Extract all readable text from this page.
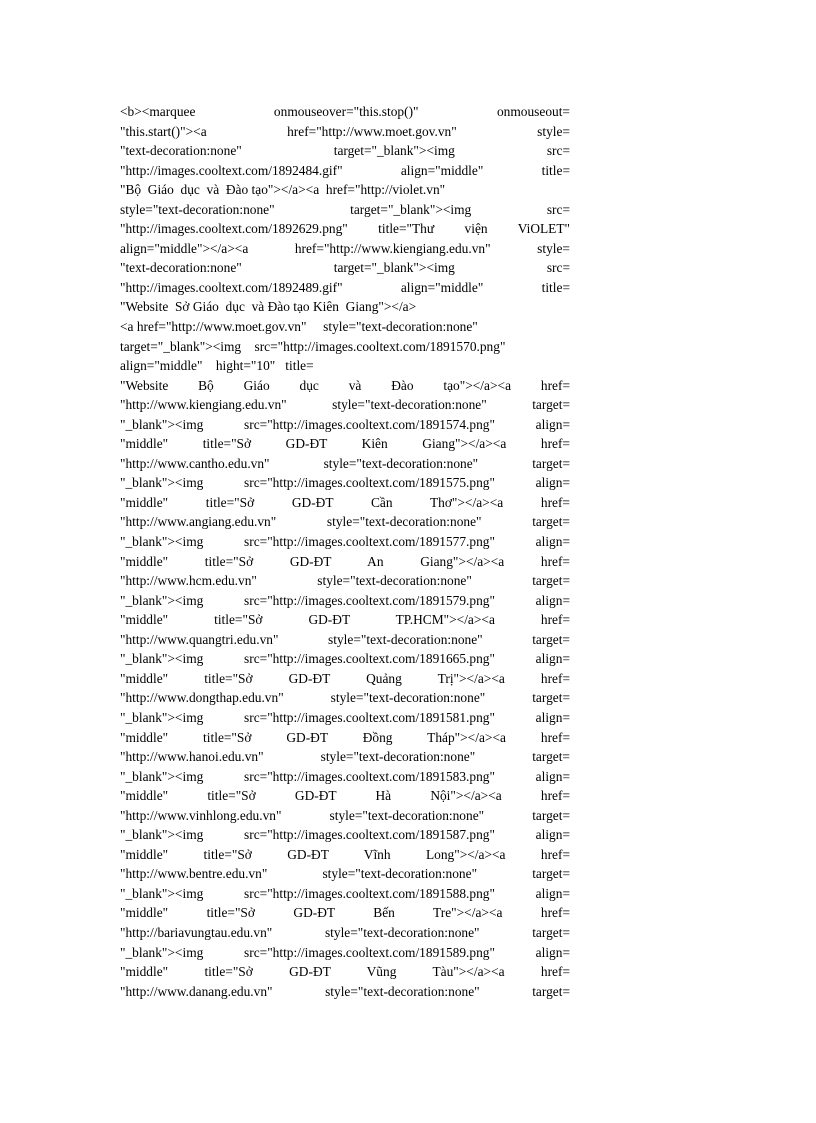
<b><marquee onmouseover="this.stop()" onmouseout=
"this.start()"><a href="http://www.moet.gov.vn" style=
"text-decoration:none" target="_blank"><img src=
"http://images.cooltext.com/1892484.gif" align="middle" title=
"Bộ  Giáo  dục  và  Đào tạo"></a><a  href="http://violet.vn"
style="text-decoration:none" target="_blank"><img src=
"http://images.cooltext.com/1892629.png" title="Thư viện ViOLET"
align="middle"></a><a href="http://www.kiengiang.edu.vn" style=
"text-decoration:none" target="_blank"><img src=
"http://images.cooltext.com/1892489.gif" align="middle" title=
"Website  Sở Giáo  dục  và Đào tạo Kiên  Giang"></a>
<a href="http://www.moet.gov.vn"     style="text-decoration:none"
target="_blank"><img    src="http://images.cooltext.com/1891570.png"
align="middle"    hight="10"   title=
"Website Bộ Giáo dục và Đào tạo"></a><a href=
"http://www.kiengiang.edu.vn" style="text-decoration:none" target=
"_blank"><img src="http://images.cooltext.com/1891574.png" align=
"middle" title="Sở GD-ĐT Kiên Giang"></a><a href=
"http://www.cantho.edu.vn" style="text-decoration:none" target=
"_blank"><img src="http://images.cooltext.com/1891575.png" align=
"middle" title="Sở GD-ĐT Cần Thơ"></a><a href=
"http://www.angiang.edu.vn" style="text-decoration:none" target=
"_blank"><img src="http://images.cooltext.com/1891577.png" align=
"middle" title="Sở GD-ĐT An Giang"></a><a href=
"http://www.hcm.edu.vn" style="text-decoration:none" target=
"_blank"><img src="http://images.cooltext.com/1891579.png" align=
"middle" title="Sở GD-ĐT TP.HCM"></a><a href=
"http://www.quangtri.edu.vn" style="text-decoration:none" target=
"_blank"><img src="http://images.cooltext.com/1891665.png" align=
"middle" title="Sở GD-ĐT Quảng Trị"></a><a href=
"http://www.dongthap.edu.vn" style="text-decoration:none" target=
"_blank"><img src="http://images.cooltext.com/1891581.png" align=
"middle" title="Sở GD-ĐT Đồng Tháp"></a><a href=
"http://www.hanoi.edu.vn" style="text-decoration:none" target=
"_blank"><img src="http://images.cooltext.com/1891583.png" align=
"middle" title="Sở GD-ĐT Hà Nội"></a><a href=
"http://www.vinhlong.edu.vn" style="text-decoration:none" target=
"_blank"><img src="http://images.cooltext.com/1891587.png" align=
"middle" title="Sở GD-ĐT Vĩnh Long"></a><a href=
"http://www.bentre.edu.vn" style="text-decoration:none" target=
"_blank"><img src="http://images.cooltext.com/1891588.png" align=
"middle" title="Sở GD-ĐT Bến Tre"></a><a href=
"http://bariavungtau.edu.vn" style="text-decoration:none" target=
"_blank"><img src="http://images.cooltext.com/1891589.png" align=
"middle" title="Sở GD-ĐT Vũng Tàu"></a><a href=
"http://www.danang.edu.vn" style="text-decoration:none" target=
